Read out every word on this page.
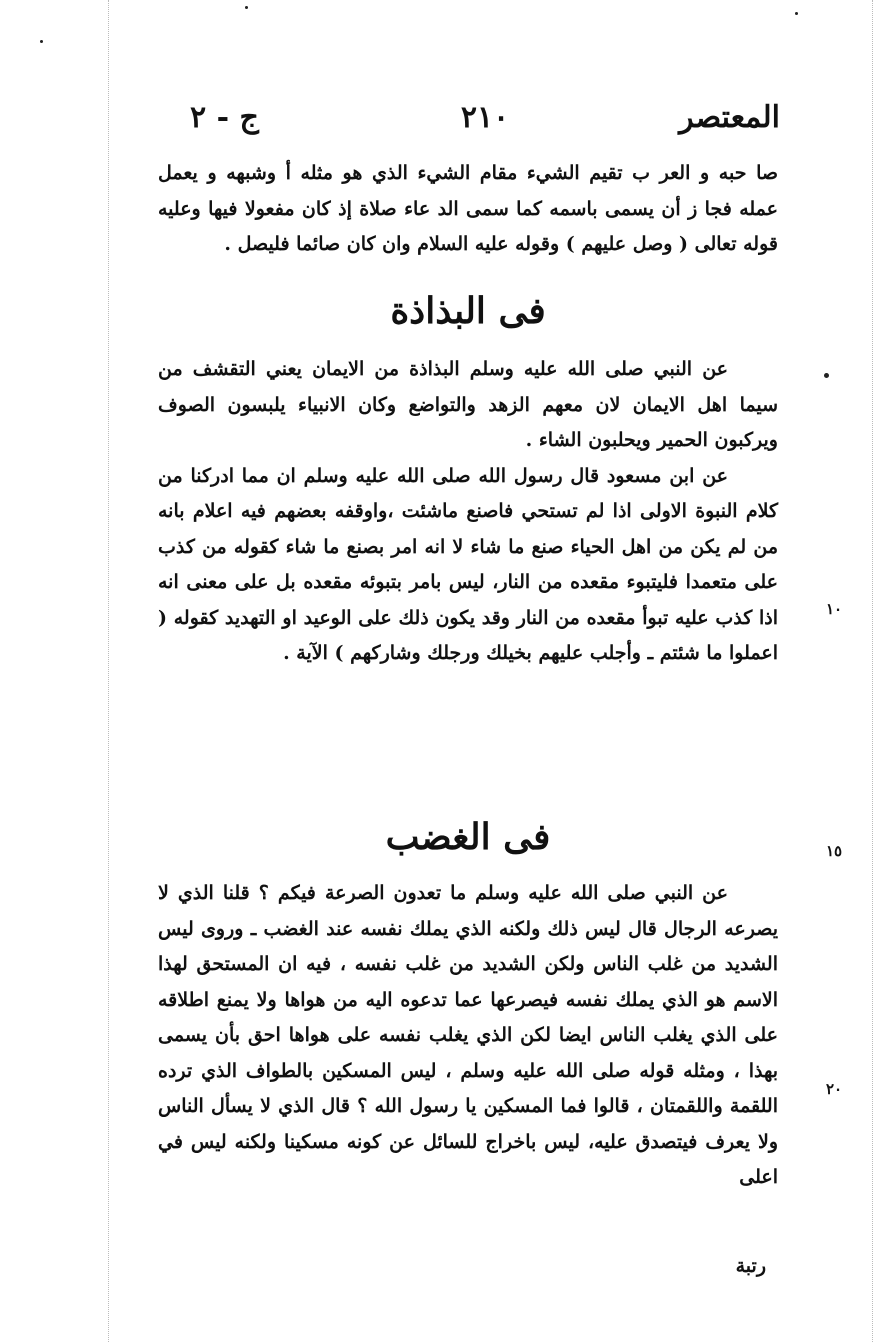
المعتصر
٢١٠
ج - ٢

صا حبه و العر ب تقيم الشيء مقام الشيء الذي هو مثله أ وشبهه و يعمل عمله فجا ز أن يسمى باسمه كما سمى الد عاء صلاة إذ كان مفعولا فيها وعليه قوله تعالى ( وصل عليهم ) وقوله عليه السلام وان كان صائما فليصل .

فى البذاذة

عن النبي صلى الله عليه وسلم البذاذة من الايمان يعني التقشف من سيما اهل الايمان لان معهم الزهد والتواضع وكان الانبياء يلبسون الصوف ويركبون الحمير ويحلبون الشاء .

عن ابن مسعود قال رسول الله صلى الله عليه وسلم ان مما ادركنا من كلام النبوة الاولى اذا لم تستحي فاصنع ماشئت ،واوقفه بعضهم فيه اعلام بانه من لم يكن من اهل الحياء صنع ما شاء لا انه امر بصنع ما شاء كقوله من كذب على متعمدا فليتبوء مقعده من النار، ليس بامر بتبوئه مقعده بل على معنى انه اذا كذب عليه تبوأ مقعده من النار وقد يكون ذلك على الوعيد او التهديد كقوله ( اعملوا ما شئتم ـ وأجلب عليهم بخيلك ورجلك وشاركهم ) الآية .

فى الغضب

عن النبي صلى الله عليه وسلم ما تعدون الصرعة فيكم ؟ قلنا الذي لا يصرعه الرجال قال ليس ذلك ولكنه الذي يملك نفسه عند الغضب ـ وروى ليس الشديد من غلب الناس ولكن الشديد من غلب نفسه ، فيه ان المستحق لهذا الاسم هو الذي يملك نفسه فيصرعها عما تدعوه اليه من هواها ولا يمنع اطلاقه على الذي يغلب الناس ايضا لكن الذي يغلب نفسه على هواها احق بأن يسمى بهذا ، ومثله قوله صلى الله عليه وسلم ، ليس المسكين بالطواف الذي ترده اللقمة واللقمتان ، قالوا فما المسكين يا رسول الله ؟ قال الذي لا يسأل الناس ولا يعرف فيتصدق عليه، ليس باخراج للسائل عن كونه مسكينا ولكنه ليس في اعلى

رتبة
١٠
١٥
٢٠
